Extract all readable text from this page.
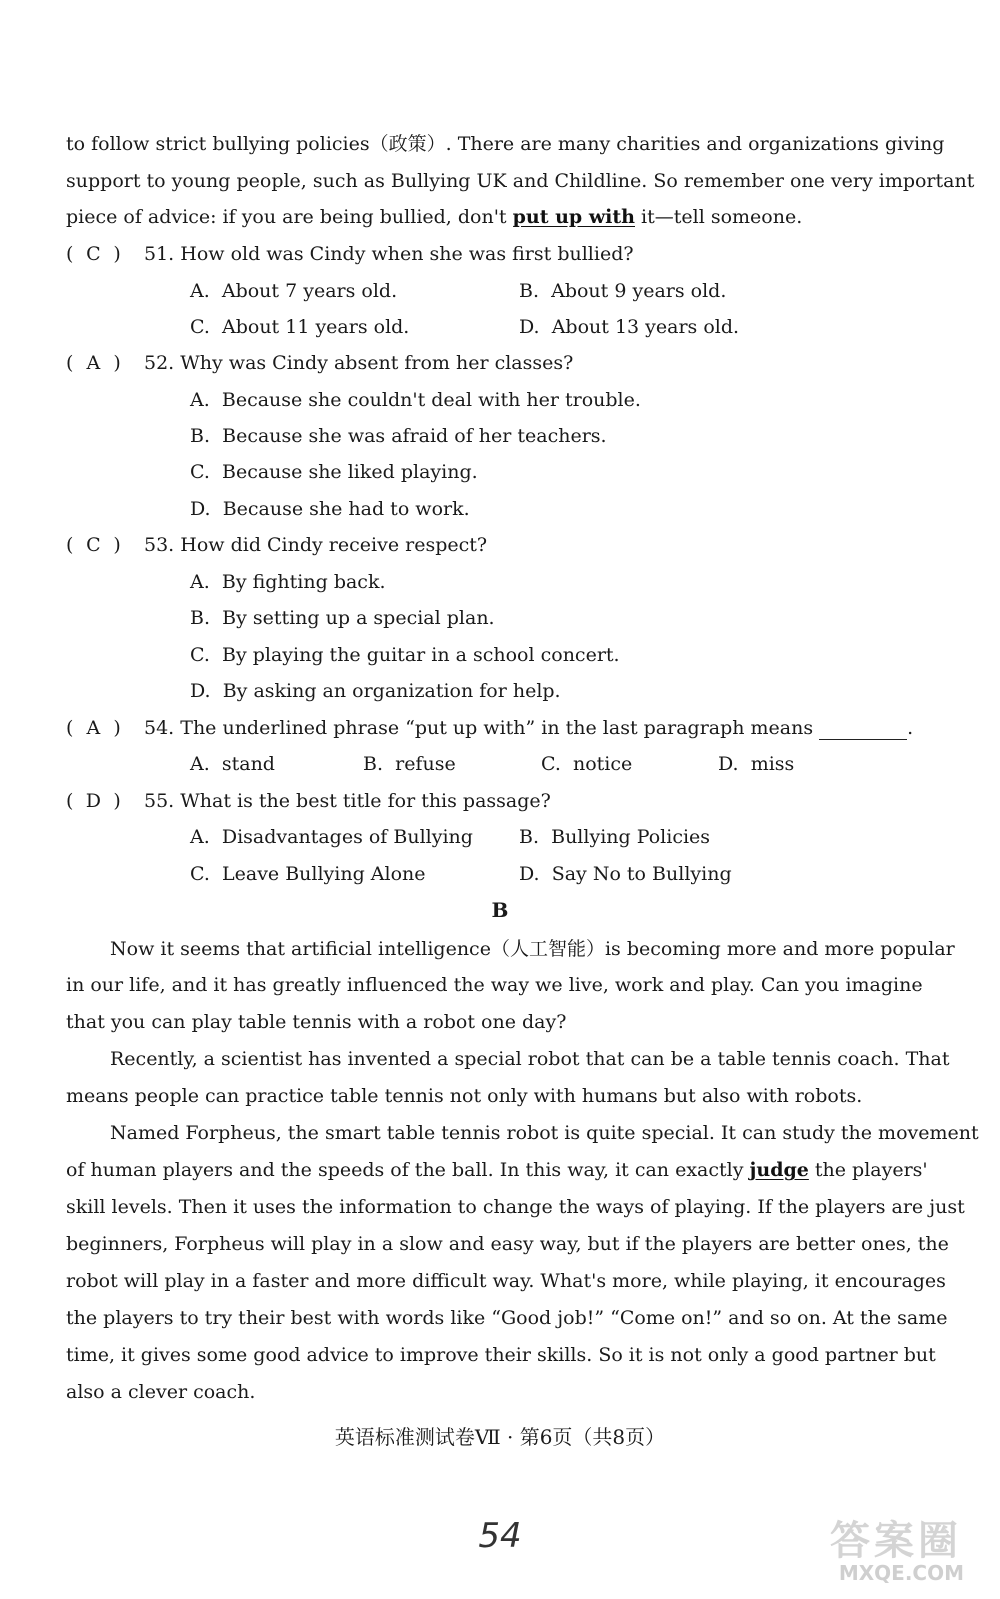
to follow strict bullying policies（政策）. There are many charities and organizations giving
support to young people, such as Bullying UK and Childline. So remember one very important
piece of advice: if you are being bullied, don't put up with it—tell someone.
( C ) 51. How old was Cindy when she was first bullied?
A. About 7 years old.	B. About 9 years old.
C. About 11 years old.	D. About 13 years old.
( A ) 52. Why was Cindy absent from her classes?
A. Because she couldn't deal with her trouble.
B. Because she was afraid of her teachers.
C. Because she liked playing.
D. Because she had to work.
( C ) 53. How did Cindy receive respect?
A. By fighting back.
B. By setting up a special plan.
C. By playing the guitar in a school concert.
D. By asking an organization for help.
( A ) 54. The underlined phrase “put up with” in the last paragraph means	.
A. stand	B. refuse	C. notice	D. miss
( D ) 55. What is the best title for this passage?
A. Disadvantages of Bullying B. Bullying Policies
C. Leave Bullying Alone	D. Say No to Bullying
B
Now it seems that artificial intelligence（人工智能）is becoming more and more popular
in our life, and it has greatly influenced the way we live, work and play. Can you imagine
that you can play table tennis with a robot one day?
Recently, a scientist has invented a special robot that can be a table tennis coach. That
means people can practice table tennis not only with humans but also with robots.
Named Forpheus, the smart table tennis robot is quite special. It can study the movement
of human players and the speeds of the ball. In this way, it can exactly judge the players'
skill levels. Then it uses the information to change the ways of playing. If the players are just
beginners, Forpheus will play in a slow and easy way, but if the players are better ones, the
robot will play in a faster and more difficult way. What's more, while playing, it encourages
the players to try their best with words like “Good job!” “Come on!” and so on. At the same
time, it gives some good advice to improve their skills. So it is not only a good partner but
also a clever coach.
英语标准测试卷Ⅶ · 第6页（共8页）
54	答案圈
MXQE.COM
